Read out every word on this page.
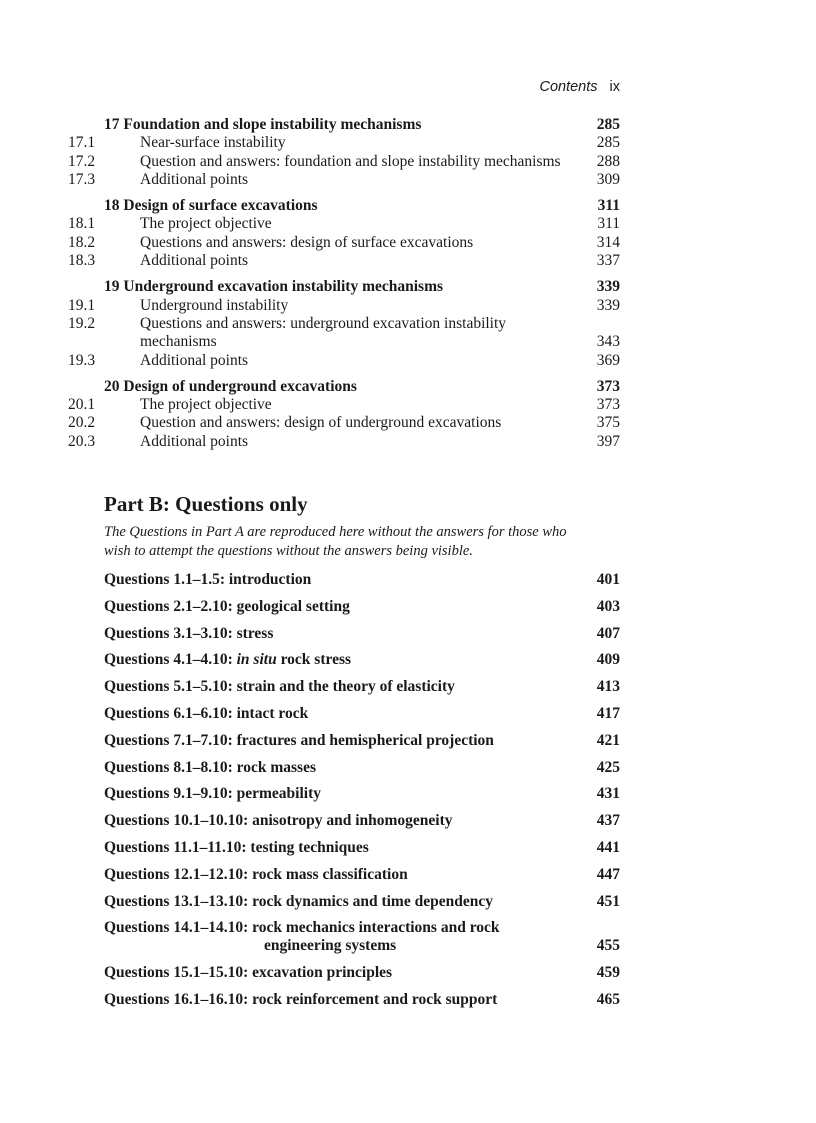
Contents ix
17 Foundation and slope instability mechanisms	285
17.1	Near-surface instability	285
17.2	Question and answers: foundation and slope instability mechanisms	288
17.3	Additional points	309
18 Design of surface excavations	311
18.1	The project objective	311
18.2	Questions and answers: design of surface excavations	314
18.3	Additional points	337
19 Underground excavation instability mechanisms	339
19.1	Underground instability	339
19.2	Questions and answers: underground excavation instability mechanisms	343
19.3	Additional points	369
20 Design of underground excavations	373
20.1	The project objective	373
20.2	Question and answers: design of underground excavations	375
20.3	Additional points	397
Part B: Questions only
The Questions in Part A are reproduced here without the answers for those who wish to attempt the questions without the answers being visible.
Questions 1.1–1.5: introduction	401
Questions 2.1–2.10: geological setting	403
Questions 3.1–3.10: stress	407
Questions 4.1–4.10: in situ rock stress	409
Questions 5.1–5.10: strain and the theory of elasticity	413
Questions 6.1–6.10: intact rock	417
Questions 7.1–7.10: fractures and hemispherical projection	421
Questions 8.1–8.10: rock masses	425
Questions 9.1–9.10: permeability	431
Questions 10.1–10.10: anisotropy and inhomogeneity	437
Questions 11.1–11.10: testing techniques	441
Questions 12.1–12.10: rock mass classification	447
Questions 13.1–13.10: rock dynamics and time dependency	451
Questions 14.1–14.10: rock mechanics interactions and rock
engineering systems	455
Questions 15.1–15.10: excavation principles	459
Questions 16.1–16.10: rock reinforcement and rock support	465
